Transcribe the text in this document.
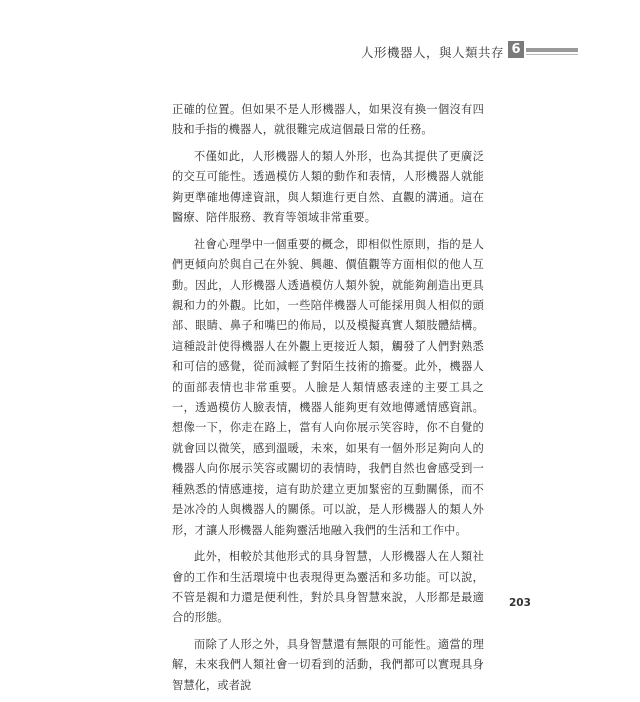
人形機器人，與人類共存 6

正確的位置。但如果不是人形機器人，如果沒有換一個沒有四肢和手指的機器人，就很難完成這個最日常的任務。

不僅如此，人形機器人的類人外形，也為其提供了更廣泛的交互可能性。透過模仿人類的動作和表情，人形機器人就能夠更準確地傳達資訊，與人類進行更自然、直觀的溝通。這在醫療、陪伴服務、教育等領域非常重要。

社會心理學中一個重要的概念，即相似性原則，指的是人們更傾向於與自己在外貌、興趣、價值觀等方面相似的他人互動。因此，人形機器人透過模仿人類外貌，就能夠創造出更具親和力的外觀。比如，一些陪伴機器人可能採用與人相似的頭部、眼睛、鼻子和嘴巴的佈局，以及模擬真實人類肢體結構。這種設計使得機器人在外觀上更接近人類，觸發了人們對熟悉和可信的感覺，從而減輕了對陌生技術的擔憂。此外，機器人的面部表情也非常重要。人臉是人類情感表達的主要工具之一，透過模仿人臉表情，機器人能夠更有效地傳遞情感資訊。想像一下，你走在路上，當有人向你展示笑容時，你不自覺的就會回以微笑，感到溫暖，未來，如果有一個外形足夠向人的機器人向你展示笑容或關切的表情時，我們自然也會感受到一種熟悉的情感連接，這有助於建立更加緊密的互動關係，而不是冰冷的人與機器人的關係。可以說，是人形機器人的類人外形，才讓人形機器人能夠靈活地融入我們的生活和工作中。

此外，相較於其他形式的具身智慧，人形機器人在人類社會的工作和生活環境中也表現得更為靈活和多功能。可以說，不管是親和力還是便利性，對於具身智慧來說，人形都是最適合的形態。

而除了人形之外，具身智慧還有無限的可能性。適當的理解，未來我們人類社會一切看到的活動，我們都可以實現具身智慧化，或者說

203
